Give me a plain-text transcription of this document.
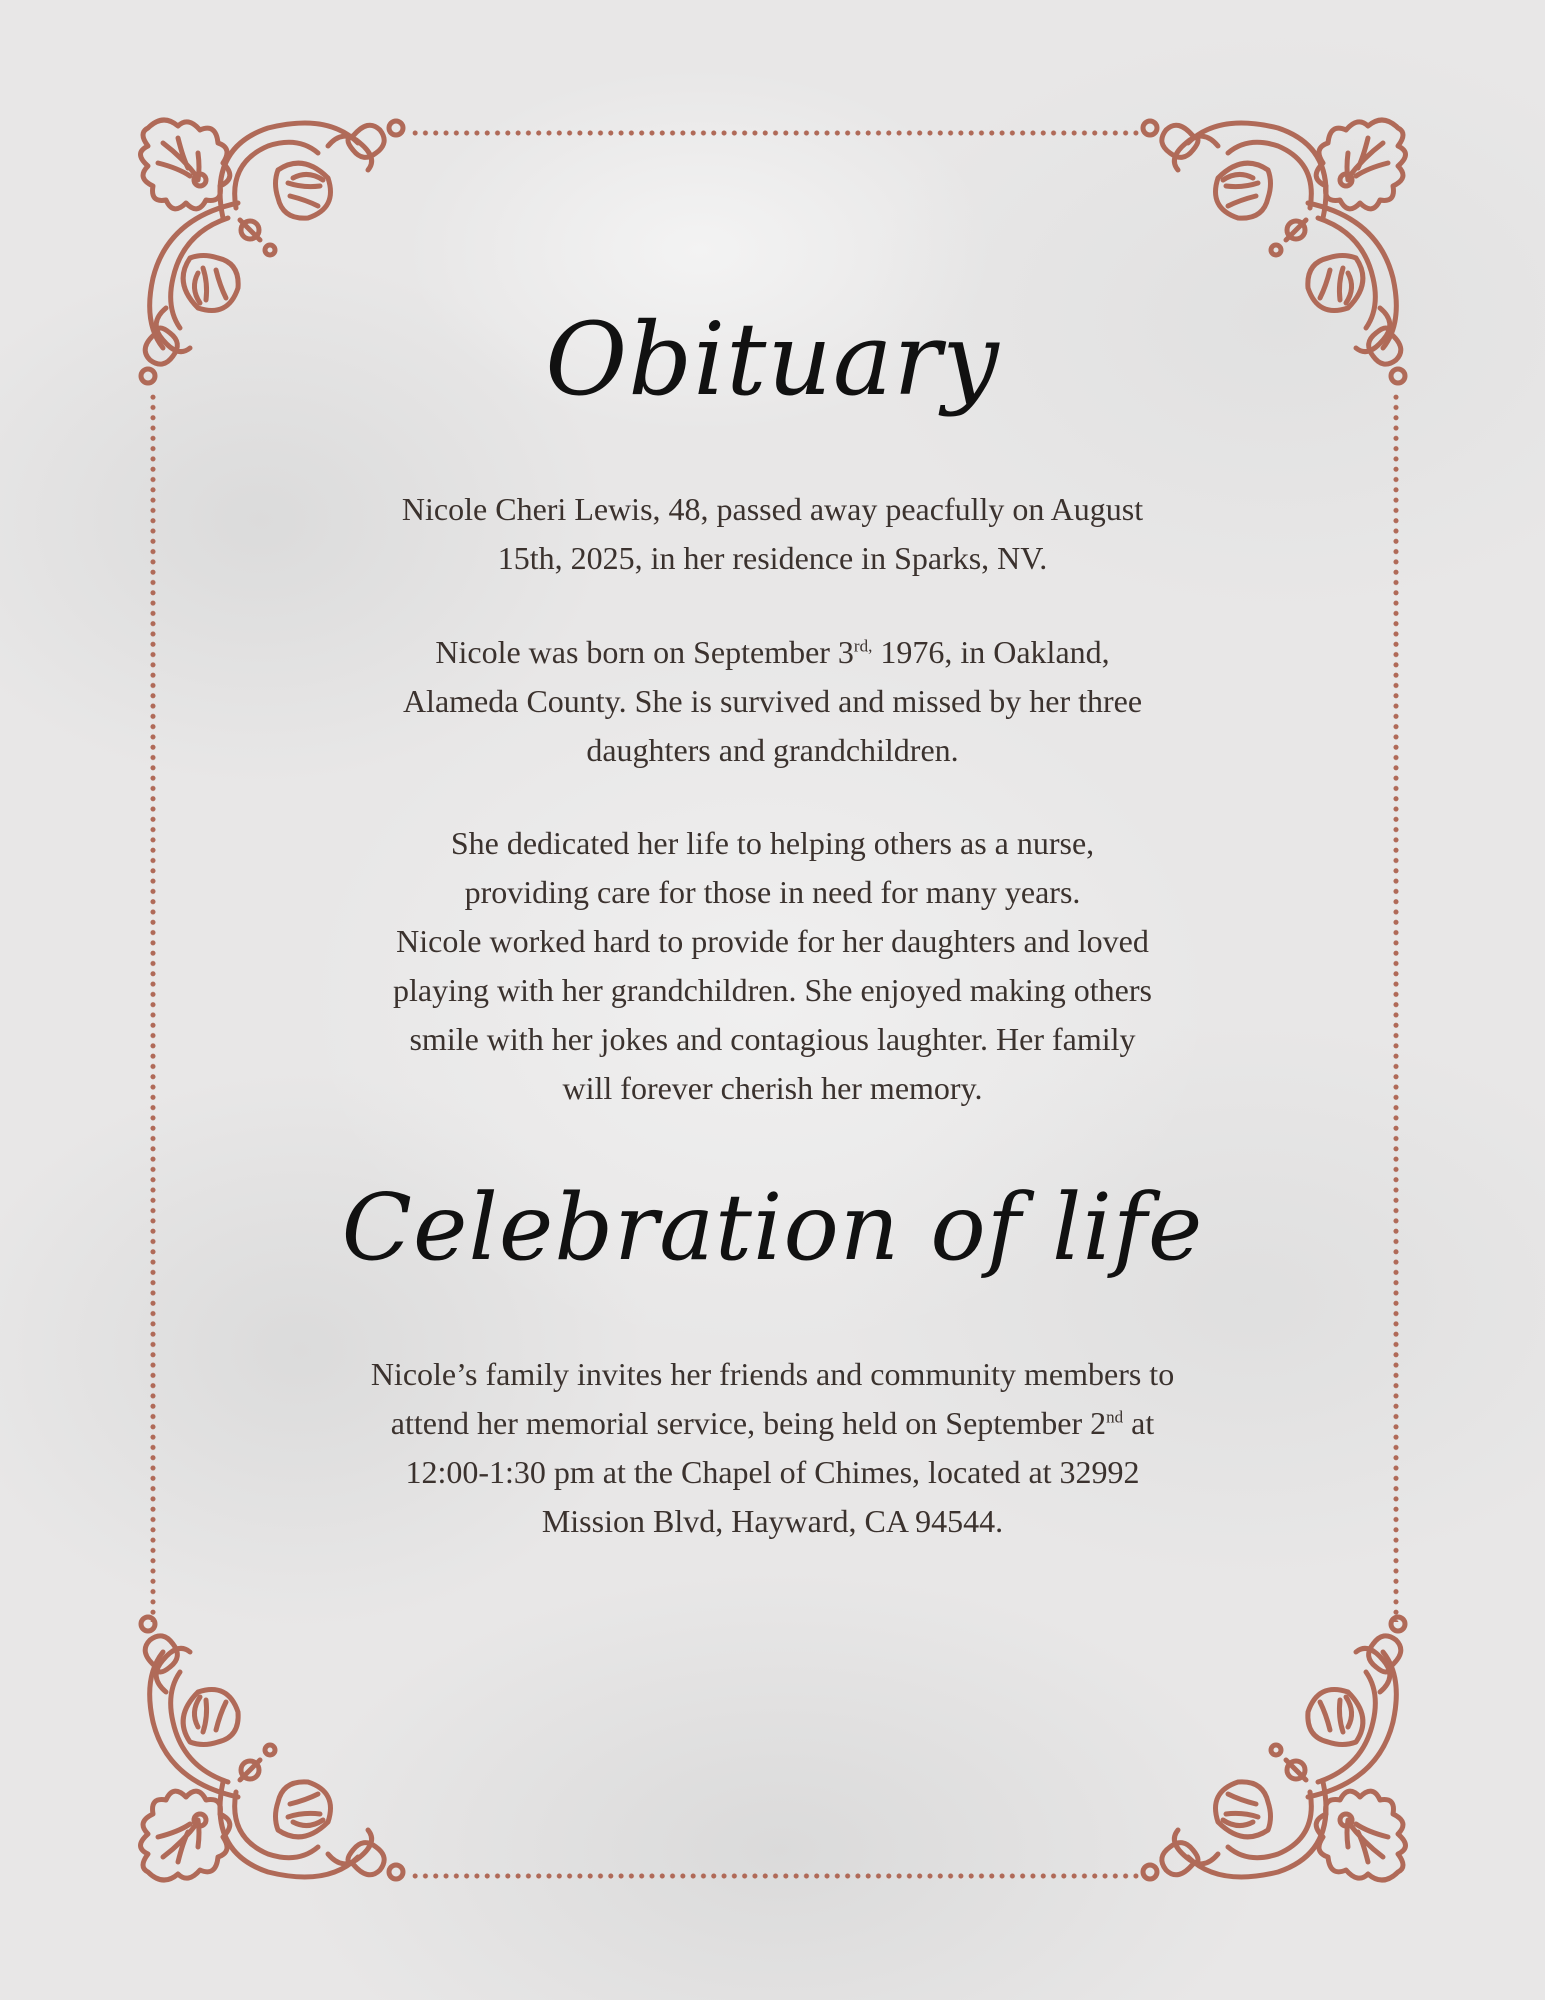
Obituary

Nicole Cheri Lewis, 48, passed away peacfully on August
15th, 2025, in her residence in Sparks, NV.

Nicole was born on September $3^{rd,}$ 1976, in Oakland,
Alameda County. She is survived and missed by her three
daughters and grandchildren.

She dedicated her life to helping others as a nurse,
providing care for those in need for many years.
Nicole worked hard to provide for her daughters and loved
playing with her grandchildren. She enjoyed making others
smile with her jokes and contagious laughter. Her family
will forever cherish her memory.

Celebration of life

Nicole’s family invites her friends and community members to
attend her memorial service, being held on September 2nd at
12:00-1:30 pm at the Chapel of Chimes, located at 32992
Mission Blvd, Hayward, CA 94544.
